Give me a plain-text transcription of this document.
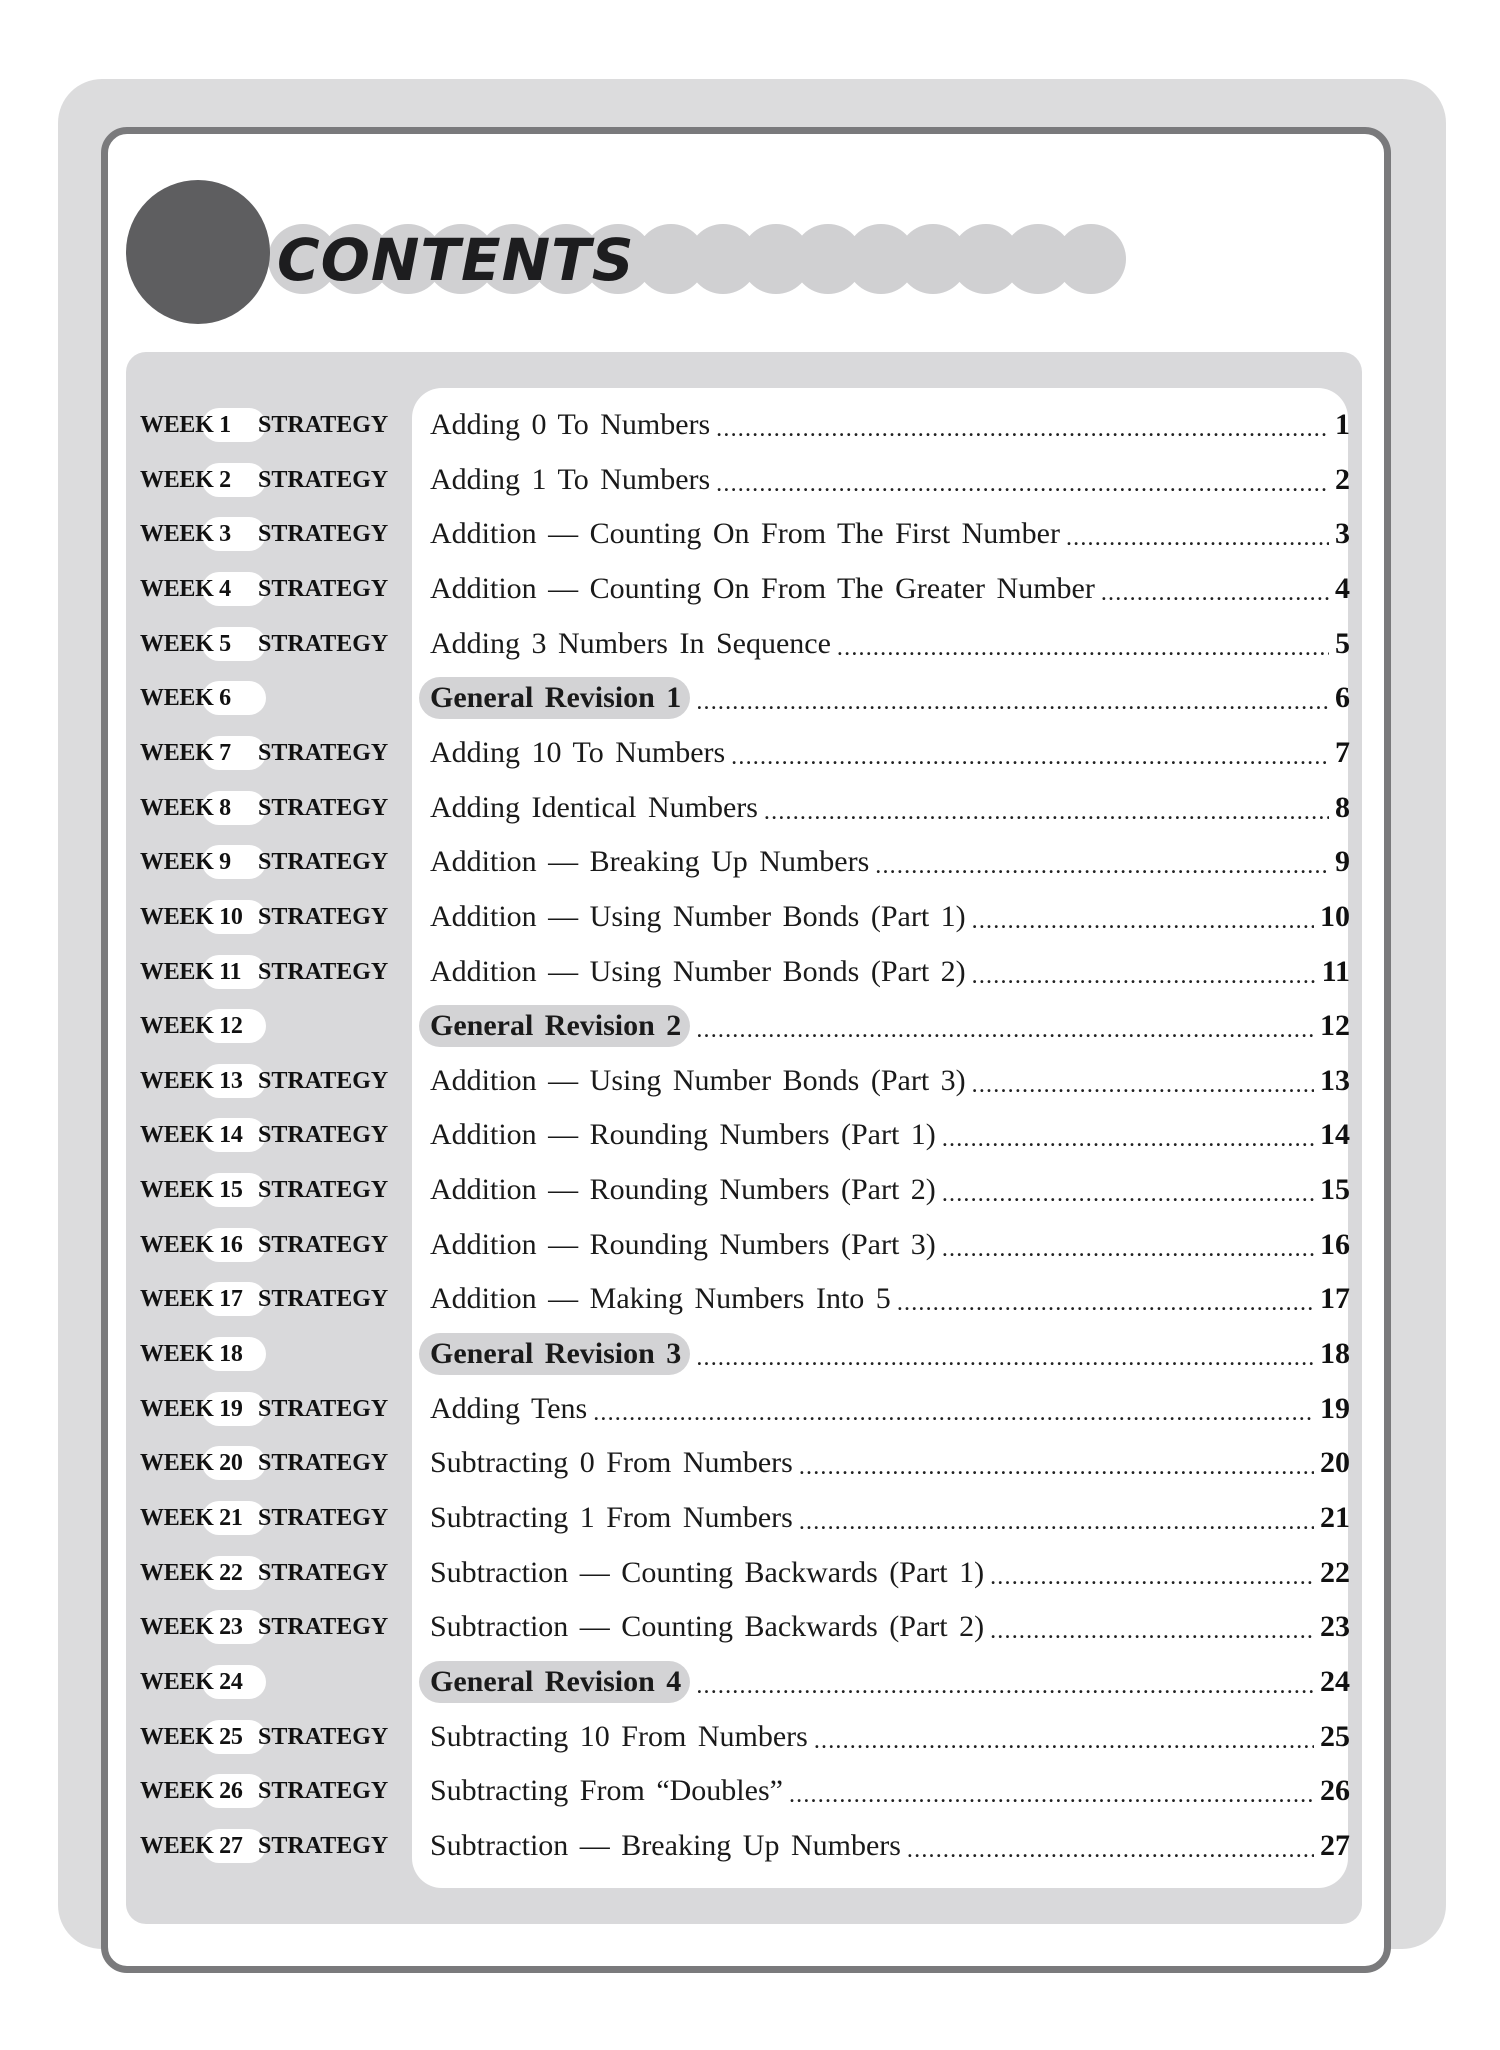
CONTENTS
WEEK 1 STRATEGY Adding 0 To Numbers .....	1
WEEK 2 STRATEGY Adding 1 To Numbers .....	2
WEEK 3 STRATEGY Addition — Counting On From The First Number .....	3
WEEK 4 STRATEGY Addition — Counting On From The Greater Number .....	4
WEEK 5 STRATEGY Adding 3 Numbers In Sequence .....	5
WEEK 6	General Revision 1 .....	6
WEEK 7 STRATEGY Adding 10 To Numbers .....	7
WEEK 8 STRATEGY Adding Identical Numbers .....	8
WEEK 9 STRATEGY Addition — Breaking Up Numbers .....	9
WEEK 10 STRATEGY Addition — Using Number Bonds (Part 1) .....	10
WEEK 11 STRATEGY Addition — Using Number Bonds (Part 2) .....	11
WEEK 12	General Revision 2 .....	12
WEEK 13 STRATEGY Addition — Using Number Bonds (Part 3) .....	13
WEEK 14 STRATEGY Addition — Rounding Numbers (Part 1) .....	14
WEEK 15 STRATEGY Addition — Rounding Numbers (Part 2) .....	15
WEEK 16 STRATEGY Addition — Rounding Numbers (Part 3) .....	16
WEEK 17 STRATEGY Addition — Making Numbers Into 5 .....	17
WEEK 18	General Revision 3 .....	18
WEEK 19 STRATEGY Adding Tens .....	19
WEEK 20 STRATEGY Subtracting 0 From Numbers .....	20
WEEK 21 STRATEGY Subtracting 1 From Numbers .....	21
WEEK 22 STRATEGY Subtraction — Counting Backwards (Part 1) .....	22
WEEK 23 STRATEGY Subtraction — Counting Backwards (Part 2) .....	23
WEEK 24	General Revision 4 .....	24
WEEK 25 STRATEGY Subtracting 10 From Numbers .....	25
WEEK 26 STRATEGY Subtracting From “Doubles” .....	26
WEEK 27 STRATEGY Subtraction — Breaking Up Numbers .....	27
